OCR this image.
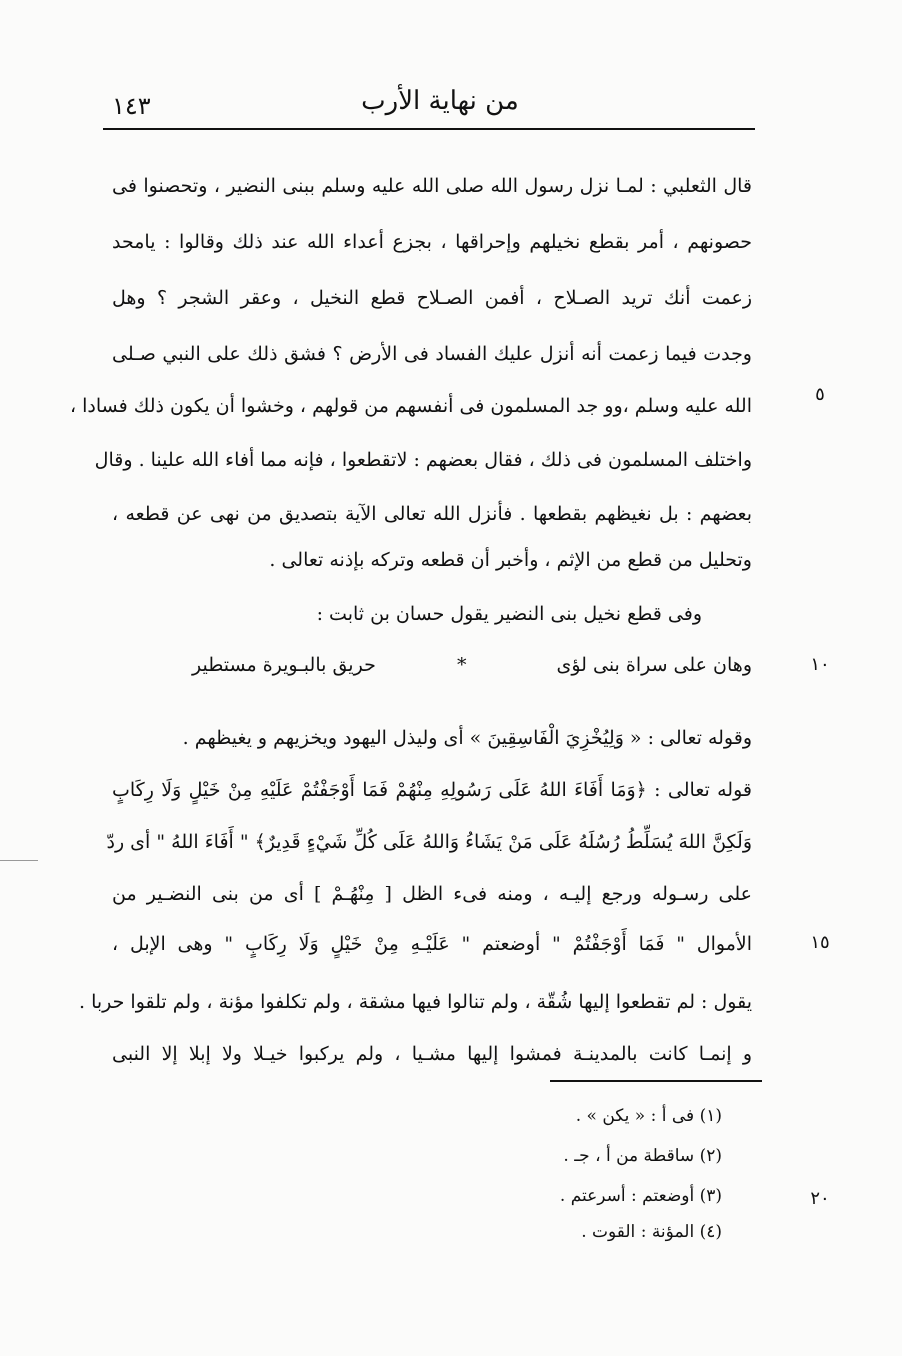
١٤٣	من نهاية الأرب
قال الثعلبي : لمـا نزل رسول الله صلى الله عليه وسلم ببنى النضير ، وتحصنوا فى
حصونهم ، أمر بقطع نخيلهم وإحراقها ، بجزع أعداء الله عند ذلك وقالوا : يامحد
زعمت أنك تريد الصـلاح ، أفمن الصـلاح قطع النخيل ، وعقر الشجر ؟ وهل
وجدت فيما زعمت أنه أنزل عليك الفساد فى الأرض ؟ فشق ذلك على النبي صـلى
الله عليه وسلم ،وو جد المسلمون فى أنفسهم من قولهم ، وخشوا أن يكون ذلك فسادا ،
واختلف المسلمون فى ذلك ، فقال بعضهم : لاتقطعوا ، فإنه مما أفاء الله علينا . وقال
بعضهم : بل نغيظهم بقطعها . فأنزل الله تعالى الآية بتصديق من نهى عن قطعه ،
وتحليل من قطع من الإثم ، وأخبر أن قطعه وتركه بإذنه تعالى .
وفى قطع نخيل بنى النضير يقول حسان بن ثابت :
وهان على سراة بنى لؤى
*
حريق بالبـويرة مستطير
وقوله تعالى : « وَلِيُخْزِيَ الْفَاسِقِينَ » أى وليذل اليهود ويخزيهم و يغيظهم .
قوله تعالى : ﴿وَمَا أَفَاءَ اللهُ عَلَى رَسُولِهِ مِنْهُمْ فَمَا أَوْجَفْتُمْ عَلَيْهِ مِنْ خَيْلٍ وَلَا رِكَابٍ
وَلَكِنَّ اللهَ يُسَلِّطُ رُسُلَهُ عَلَى مَنْ يَشَاءُ وَاللهُ عَلَى كُلِّ شَيْءٍ قَدِيرٌ﴾ " أَفَاءَ اللهُ " أى ردّ
على رسـوله ورجع إليـه ، ومنه فىء الظل [ مِنْهُـمْ ] أى من بنى النضـير من
الأموال " فَمَا أَوْجَفْتُمْ " أوضعتم " عَلَيْـهِ مِنْ خَيْلٍ وَلَا رِكَابٍ " وهى الإبل ،
يقول : لم تقطعوا إليها شُقّة ، ولم تنالوا فيها مشقة ، ولم تكلفوا مؤنة ، ولم تلقوا حربا .
و إنمـا كانت بالمدينـة فمشوا إليها مشـيا ، ولم يركبوا خيـلا ولا إبلا إلا النبى
٥
١٠
١٥
٢٠
(١) فى أ : « يكن » .
(٢) ساقطة من أ ، جـ .
(٣) أوضعتم : أسرعتم .
(٤) المؤنة : القوت .
